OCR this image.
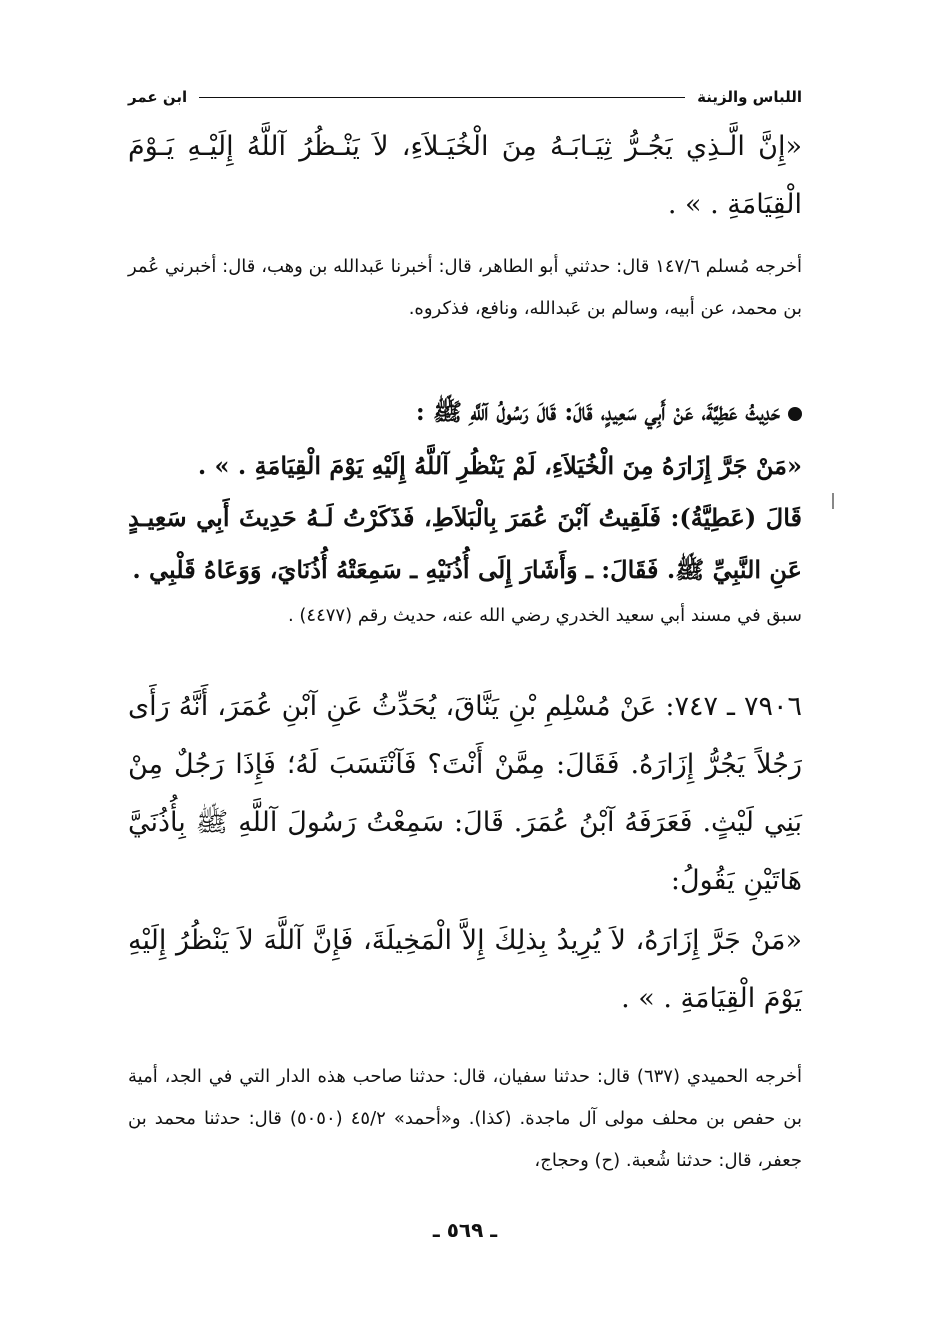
اللباس والزينة
ابن عمر
«إِنَّ الَّـذِي يَجُـرُّ ثِيَـابَـهُ مِنَ الْخُيَـلاَءِ، لاَ يَنْـظُرُ آللَّهُ إِلَيْـهِ يَـوْمَ الْقِيَامَةِ . » .
أخرجه مُسلم ١٤٧/٦ قال: حدثني أبو الطاهر، قال: أخبرنا عَبدالله بن وهب، قال: أخبرني عُمر بن محمد، عن أبيه، وسالم بن عَبدالله، ونافع، فذكروه.
حَدِيثُ عَطِيَّةَ، عَنْ أَبِي سَعِيدٍ، قَالَ: قَالَ رَسُولُ آللَّهِ ﷺ :
«مَنْ جَرَّ إِزَارَهُ مِنَ الْخُيَلاَءِ، لَمْ يَنْظُرِ آللَّهُ إِلَيْهِ يَوْمَ الْقِيَامَةِ . » .
قَالَ (عَطِيَّةُ): فَلَقِيتُ آبْنَ عُمَرَ بِالْبَلاَطِ، فَذَكَرْتُ لَـهُ حَدِيثَ أَبِي سَعِيـدٍ عَنِ النَّبِيِّ ﷺ. فَقَالَ: ـ وَأَشَارَ إِلَى أُذُنَيْهِ ـ سَمِعَتْهُ أُذُنَايَ، وَوَعَاهُ قَلْبِي .
سبق في مسند أبي سعيد الخدري رضي الله عنه، حديث رقم (٤٤٧٧) .
٧٩٠٦ ـ ٧٤٧: عَنْ مُسْلِمِ بْنِ يَنَّاقَ، يُحَدِّثُ عَنِ آبْنِ عُمَرَ، أَنَّهُ رَأَى رَجُلاً يَجُرُّ إِزَارَهُ. فَقَالَ: مِمَّنْ أَنْتَ؟ فَآنْتَسَبَ لَهُ؛ فَإِذَا رَجُلٌ مِنْ بَنِي لَيْثٍ. فَعَرَفَهُ آبْنُ عُمَرَ. قَالَ: سَمِعْتُ رَسُولَ آللَّهِ ﷺ بِأُذُنَيَّ هَاتَيْنِ يَقُولُ:
«مَنْ جَرَّ إِزَارَهُ، لاَ يُرِيدُ بِذلِكَ إِلاَّ الْمَخِيلَةَ، فَإِنَّ آللَّهَ لاَ يَنْظُرُ إِلَيْهِ يَوْمَ الْقِيَامَةِ . » .
أخرجه الحميدي (٦٣٧) قال: حدثنا سفيان، قال: حدثنا صاحب هذه الدار التي في الجد، أمية بن حفص بن محلف مولى آل ماجدة. (كذا). و«أحمد» ٤٥/٢ (٥٠٥٠) قال: حدثنا محمد بن جعفر، قال: حدثنا شُعبة. (ح) وحجاج،
ـ ٥٦٩ ـ
